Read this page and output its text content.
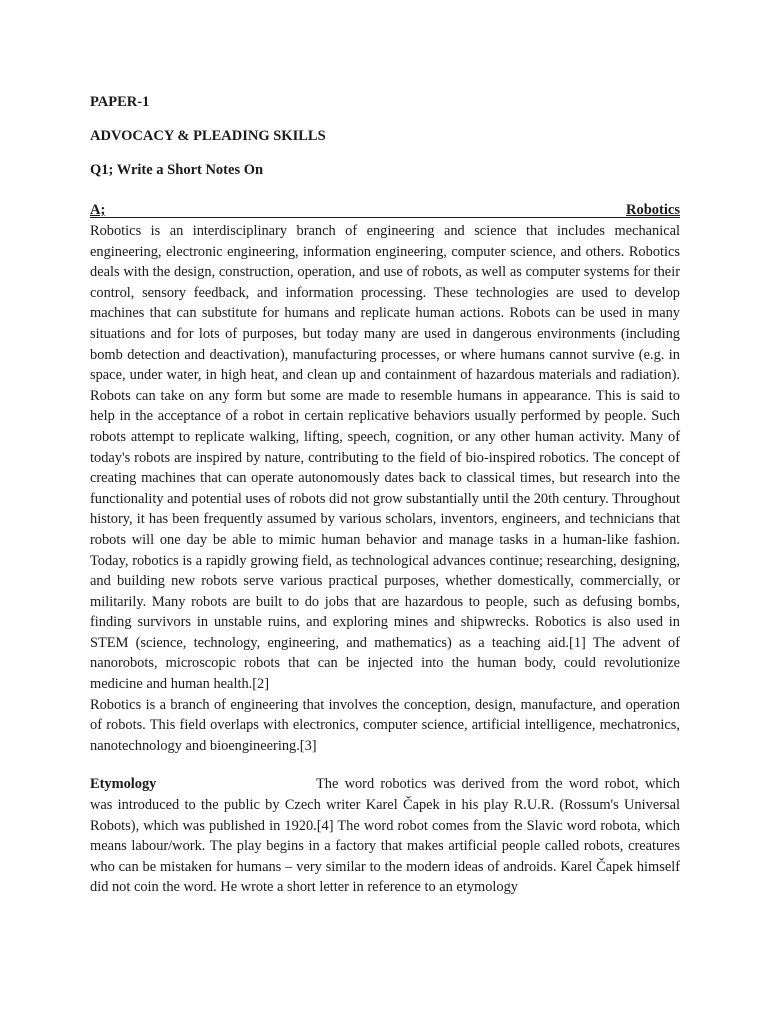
PAPER-1
ADVOCACY & PLEADING SKILLS
Q1; Write a Short Notes On
A;	Robotics

Robotics is an interdisciplinary branch of engineering and science that includes mechanical engineering, electronic engineering, information engineering, computer science, and others. Robotics deals with the design, construction, operation, and use of robots, as well as computer systems for their control, sensory feedback, and information processing. These technologies are used to develop machines that can substitute for humans and replicate human actions. Robots can be used in many situations and for lots of purposes, but today many are used in dangerous environments (including bomb detection and deactivation), manufacturing processes, or where humans cannot survive (e.g. in space, under water, in high heat, and clean up and containment of hazardous materials and radiation). Robots can take on any form but some are made to resemble humans in appearance. This is said to help in the acceptance of a robot in certain replicative behaviors usually performed by people. Such robots attempt to replicate walking, lifting, speech, cognition, or any other human activity. Many of today's robots are inspired by nature, contributing to the field of bio-inspired robotics. The concept of creating machines that can operate autonomously dates back to classical times, but research into the functionality and potential uses of robots did not grow substantially until the 20th century. Throughout history, it has been frequently assumed by various scholars, inventors, engineers, and technicians that robots will one day be able to mimic human behavior and manage tasks in a human-like fashion. Today, robotics is a rapidly growing field, as technological advances continue; researching, designing, and building new robots serve various practical purposes, whether domestically, commercially, or militarily. Many robots are built to do jobs that are hazardous to people, such as defusing bombs, finding survivors in unstable ruins, and exploring mines and shipwrecks. Robotics is also used in STEM (science, technology, engineering, and mathematics) as a teaching aid.[1] The advent of nanorobots, microscopic robots that can be injected into the human body, could revolutionize medicine and human health.[2]

Robotics is a branch of engineering that involves the conception, design, manufacture, and operation of robots. This field overlaps with electronics, computer science, artificial intelligence, mechatronics, nanotechnology and bioengineering.[3]

Etymology	The word robotics was derived from the word robot, which was introduced to the public by Czech writer Karel Čapek in his play R.U.R. (Rossum's Universal Robots), which was published in 1920.[4] The word robot comes from the Slavic word robota, which means labour/work. The play begins in a factory that makes artificial people called robots, creatures who can be mistaken for humans – very similar to the modern ideas of androids. Karel Čapek himself did not coin the word. He wrote a short letter in reference to an etymology
